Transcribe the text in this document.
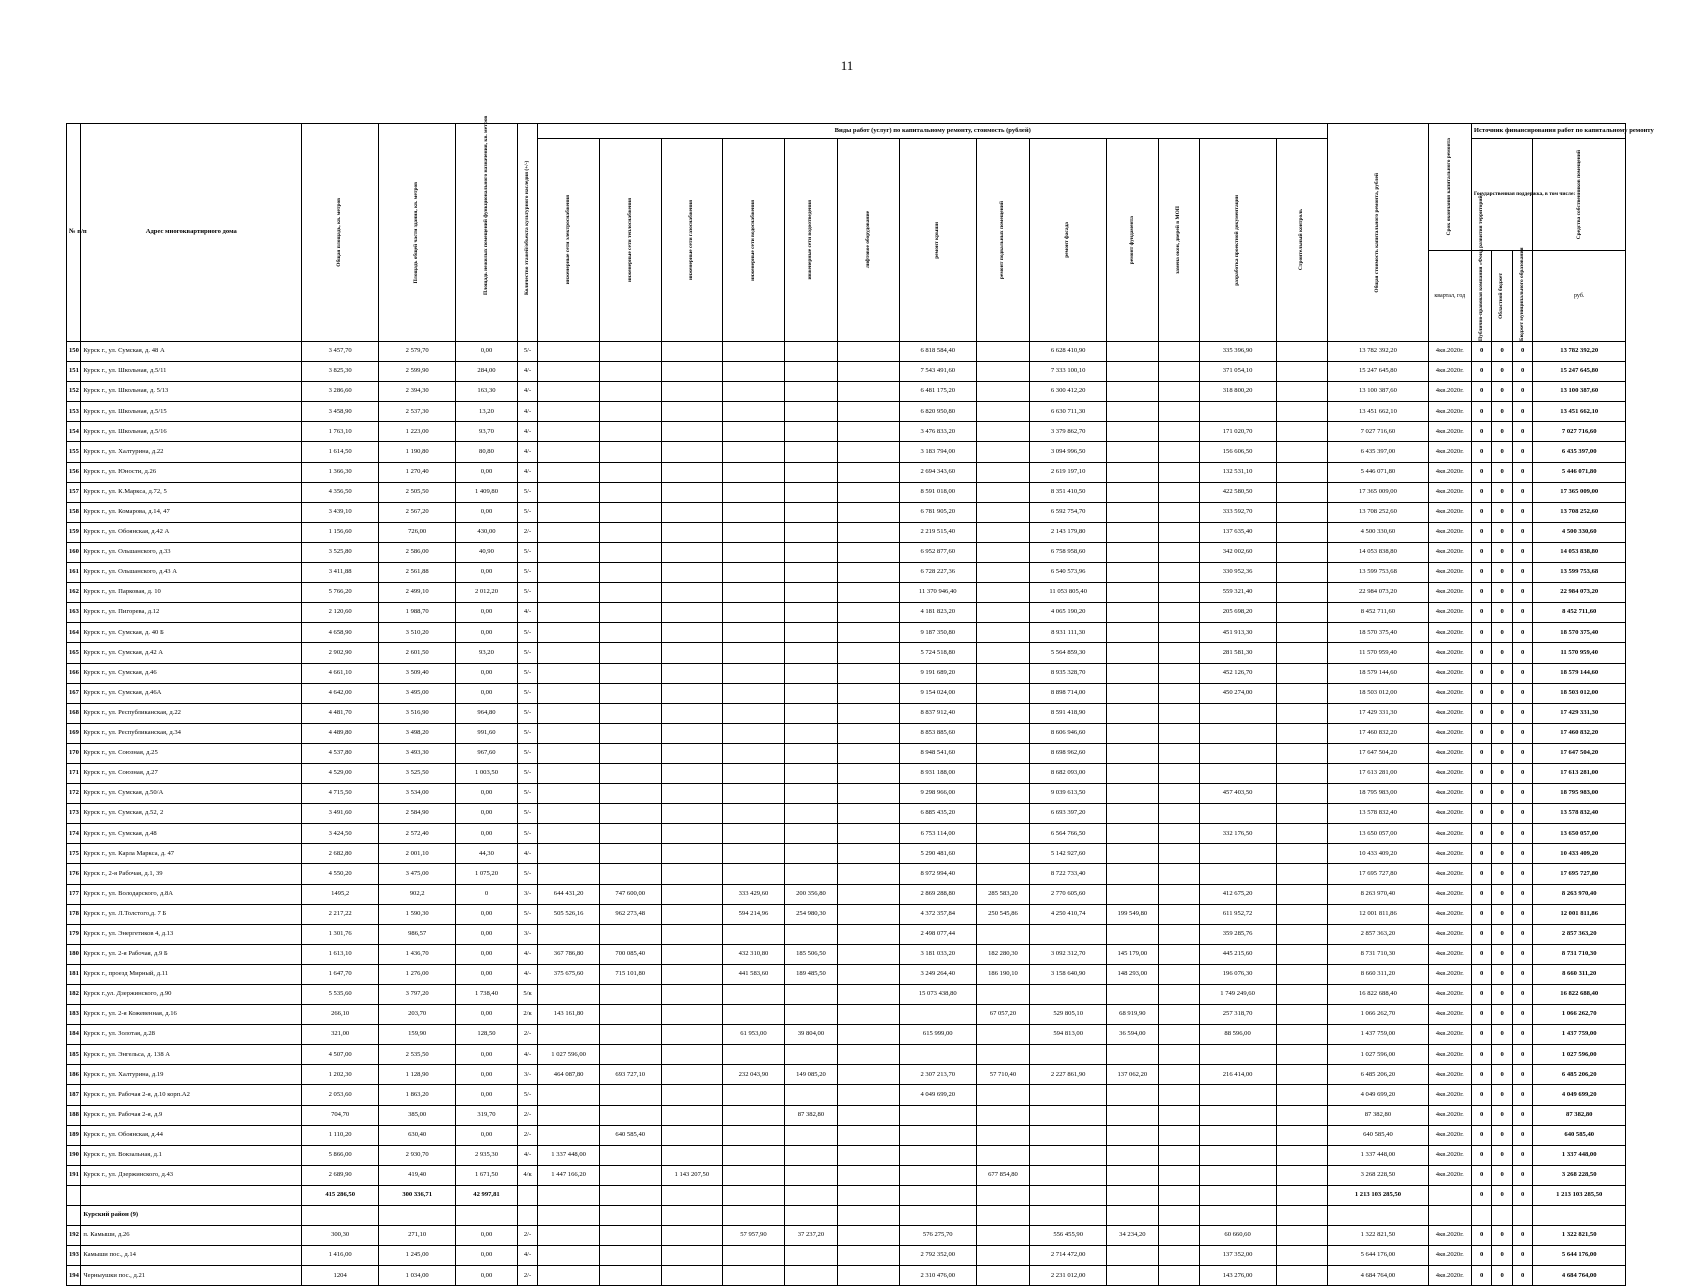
11
№ п/п	Адрес многоквартирного дома	Общая площадь, кв. метров	Площадь общей части здания, кв. метров	Площадь нежилых помещений функционального назначения, кв. метров	Количество этажей/объекта культурного наследия (+/-)	Виды работ (услуг) по капитальному ремонту, стоимость (рублей)													Общая стоимость капитального ремонта, рублей	Срок окончания капитального ремонта	Источник финансирования работ по капитальному ремонту			

						инженерные сети электроснабжения	инженерные сети теплоснабжения	инженерные сети газоснабжения	инженерные сети водоснабжения	инженерные сети водоотведения	лифтовое оборудование	ремонт крыши	ремонт подвальных помещений	ремонт фасада	ремонт фундамента	замена окон, дверей в МОП	разработка проектной документации	Строительный контроль			Государственная поддержка, в том числе:			Средства собственников помещений

																				квартал, год	Публично-правовая компания «Фонд развития территорий»	Областной бюджет	Бюджет муниципального образования	руб.
150	Курск г., ул. Сумская, д. 48 А	3 457,70	2 579,70	0,00	5/-							6 818 584,40		6 628 410,90			335 396,90		13 782 392,20	4кв.2020г.	0	0	0	13 782 392,20
151	Курск г., ул. Школьная, д.5/11	3 825,30	2 599,90	284,00	4/-							7 543 491,60		7 333 100,10			371 054,10		15 247 645,80	4кв.2020г.	0	0	0	15 247 645,80
152	Курск г., ул. Школьная, д. 5/13	3 286,60	2 394,30	163,30	4/-							6 481 175,20		6 300 412,20			318 800,20		13 100 387,60	4кв.2020г.	0	0	0	13 100 387,60
153	Курск г., ул. Школьная, д.5/15	3 458,90	2 537,30	13,20	4/-							6 820 950,80		6 630 711,30					13 451 662,10	4кв.2020г.	0	0	0	13 451 662,10
154	Курск г., ул. Школьная, д.5/16	1 763,10	1 223,00	93,70	4/-							3 476 833,20		3 379 862,70			171 020,70		7 027 716,60	4кв.2020г.	0	0	0	7 027 716,60
155	Курск г., ул. Халтурина, д.22	1 614,50	1 190,80	80,80	4/-							3 183 794,00		3 094 996,50			156 606,50		6 435 397,00	4кв.2020г.	0	0	0	6 435 397,00
156	Курск г., ул. Юности, д.26	1 366,30	1 270,40	0,00	4/-							2 694 343,60		2 619 197,10			132 531,10		5 446 071,80	4кв.2020г.	0	0	0	5 446 071,80
157	Курск г., ул. К.Маркса, д.72, 5	4 356,50	2 505,50	1 409,80	5/-							8 591 018,00		8 351 410,50			422 580,50		17 365 009,00	4кв.2020г.	0	0	0	17 365 009,00
158	Курск г., ул. Комарова, д.14, 47	3 439,10	2 567,20	0,00	5/-							6 781 905,20		6 592 754,70			333 592,70		13 708 252,60	4кв.2020г.	0	0	0	13 708 252,60
159	Курск г., ул. Обоянская, д.42 А	1 156,60	726,00	430,00	2/-							2 219 515,40		2 143 179,80			137 635,40		4 500 330,60	4кв.2020г.	0	0	0	4 500 330,60
160	Курск г., ул. Ольшанского, д.33	3 525,80	2 586,00	40,90	5/-							6 952 877,60		6 758 958,60			342 002,60		14 053 838,80	4кв.2020г.	0	0	0	14 053 838,80
161	Курск г., ул. Ольшанского, д.43 А	3 411,88	2 561,88	0,00	5/-							6 728 227,36		6 540 573,96			330 952,36		13 599 753,68	4кв.2020г.	0	0	0	13 599 753,68
162	Курск г., ул. Парковая, д. 10	5 766,20	2 499,10	2 012,20	5/-							11 370 946,40		11 053 805,40			559 321,40		22 984 073,20	4кв.2020г.	0	0	0	22 984 073,20
163	Курск г., ул. Пигорева, д.12	2 120,60	1 988,70	0,00	4/-							4 181 823,20		4 065 190,20			205 698,20		8 452 711,60	4кв.2020г.	0	0	0	8 452 711,60
164	Курск г., ул. Сумская, д. 40 Б	4 658,90	3 510,20	0,00	5/-							9 187 350,80		8 931 111,30			451 913,30		18 570 375,40	4кв.2020г.	0	0	0	18 570 375,40
165	Курск г., ул. Сумская, д.42 А	2 902,90	2 601,50	93,20	5/-							5 724 518,80		5 564 859,30			281 581,30		11 570 959,40	4кв.2020г.	0	0	0	11 570 959,40
166	Курск г., ул. Сумская, д.46	4 661,10	3 509,40	0,00	5/-							9 191 689,20		8 935 328,70			452 126,70		18 579 144,60	4кв.2020г.	0	0	0	18 579 144,60
167	Курск г., ул. Сумская, д.46А	4 642,00	3 495,00	0,00	5/-							9 154 024,00		8 898 714,00			450 274,00		18 503 012,00	4кв.2020г.	0	0	0	18 503 012,00
168	Курск г., ул. Республиканская, д.22	4 481,70	3 516,90	964,80	5/-							8 837 912,40		8 591 418,90					17 429 331,30	4кв.2020г.	0	0	0	17 429 331,30
169	Курск г., ул. Республиканская, д.34	4 489,80	3 498,20	991,60	5/-							8 853 885,60		8 606 946,60					17 460 832,20	4кв.2020г.	0	0	0	17 460 832,20
170	Курск г., ул. Союзная, д.25	4 537,80	3 493,30	967,60	5/-							8 948 541,60		8 698 962,60					17 647 504,20	4кв.2020г.	0	0	0	17 647 504,20
171	Курск г., ул. Союзная, д.27	4 529,00	3 525,50	1 003,50	5/-							8 931 188,00		8 682 093,00					17 613 281,00	4кв.2020г.	0	0	0	17 613 281,00
172	Курск г., ул. Сумская, д.50/А	4 715,50	3 534,00	0,00	5/-							9 298 966,00		9 039 613,50			457 403,50		18 795 983,00	4кв.2020г.	0	0	0	18 795 983,00
173	Курск г., ул. Сумская, д.52, 2	3 491,60	2 584,90	0,00	5/-							6 885 435,20		6 693 397,20					13 578 832,40	4кв.2020г.	0	0	0	13 578 832,40
174	Курск г., ул. Сумская, д.48	3 424,50	2 572,40	0,00	5/-							6 753 114,00		6 564 766,50			332 176,50		13 650 057,00	4кв.2020г.	0	0	0	13 650 057,00
175	Курск г., ул. Карла Маркса, д. 47	2 682,80	2 001,10	44,30	4/-							5 290 481,60		5 142 927,60					10 433 409,20	4кв.2020г.	0	0	0	10 433 409,20
176	Курск г., 2-я Рабочая, д.1, 39	4 550,20	3 475,00	1 075,20	5/-							8 972 994,40		8 722 733,40					17 695 727,80	4кв.2020г.	0	0	0	17 695 727,80
177	Курск г., ул. Володарского, д.8А	1495,2	902,2	0	3/-	644 431,20	747 600,00		333 429,60	200 356,80		2 869 288,80	285 583,20	2 770 605,60			412 675,20		8 263 970,40	4кв.2020г.	0	0	0	8 263 970,40
178	Курск г., ул. Л.Толстого,д. 7 Б	2 217,22	1 590,30	0,00	5/-	505 526,16	962 273,48		594 214,96	254 980,30		4 372 357,84	250 545,86	4 250 410,74	199 549,80		611 952,72		12 001 811,86	4кв.2020г.	0	0	0	12 001 811,86
179	Курск г., ул. Энергетиков 4, д.13	1 301,76	986,57	0,00	3/-							2 498 077,44					359 285,76		2 857 363,20	4кв.2020г.	0	0	0	2 857 363,20
180	Курск г., ул. 2-я Рабочая, д.9 Б	1 613,10	1 436,70	0,00	4/-	367 786,80	700 085,40		432 310,80	185 506,50		3 181 033,20	182 280,30	3 092 312,70	145 179,00		445 215,60		8 731 710,30	4кв.2020г.	0	0	0	8 731 710,30
181	Курск г., проезд Мирный, д.11	1 647,70	1 276,00	0,00	4/-	375 675,60	715 101,80		441 583,60	189 485,50		3 249 264,40	186 190,10	3 158 640,90	148 293,00		196 076,30		8 660 311,20	4кв.2020г.	0	0	0	8 660 311,20
182	Курск г.,ул. Дзержинского, д.90	5 535,60	3 797,20	1 738,40	5/к							15 073 438,80					1 749 249,60		16 822 688,40	4кв.2020г.	0	0	0	16 822 688,40
183	Курск г., ул. 2-я Кожевенная, д.16	266,10	203,70	0,00	2/к	143 161,80							67 057,20	529 805,10	68 919,90		257 318,70		1 066 262,70	4кв.2020г.	0	0	0	1 066 262,70
184	Курск г., ул. Золотая, д.28	321,00	159,90	128,50	2/-				61 953,00	39 804,00		615 999,00		594 813,00	36 594,00		88 596,00		1 437 759,00	4кв.2020г.	0	0	0	1 437 759,00
185	Курск г., ул. Энгельса, д. 138 А	4 507,00	2 535,50	0,00	4/-	1 027 596,00													1 027 596,00	4кв.2020г.	0	0	0	1 027 596,00
186	Курск г., ул. Халтурина, д.19	1 202,30	1 128,90	0,00	3/-	464 087,80	693 727,10		232 043,90	149 085,20		2 307 213,70	57 710,40	2 227 861,90	137 062,20		216 414,00		6 485 206,20	4кв.2020г.	0	0	0	6 485 206,20
187	Курск г., ул. Рабочая 2-я, д.10 корп.А2	2 053,60	1 863,20	0,00	5/-							4 049 699,20							4 049 699,20	4кв.2020г.	0	0	0	4 049 699,20
188	Курск г., ул. Рабочая 2-я, д.9	704,70	385,00	319,70	2/-					87 382,80									87 382,80	4кв.2020г.	0	0	0	87 382,80
189	Курск г., ул. Обоянская, д.44	1 110,20	630,40	0,00	2/-		640 585,40												640 585,40	4кв.2020г.	0	0	0	640 585,40
190	Курск г., ул. Вокзальная, д.1	5 866,00	2 930,70	2 935,30	4/-	1 337 448,00													1 337 448,00	4кв.2020г.	0	0	0	1 337 448,00
191	Курск г., ул. Дзержинского, д.43	2 689,90	419,40	1 671,50	4/к	1 447 166,20		1 143 207,50					677 854,80						3 268 228,50	4кв.2020г.	0	0	0	3 268 228,50
		415 286,50	300 336,71	42 997,81															1 213 103 285,50		0	0	0	1 213 103 285,50
	Курский район (9)																							
192	п. Камыши, д.26	300,30	271,10	0,00	2/-				57 957,90	37 237,20		576 275,70		556 455,90	34 234,20		60 660,60		1 322 821,50	4кв.2020г.	0	0	0	1 322 821,50
193	Камыши пос., д.14	1 416,00	1 245,00	0,00	4/-							2 792 352,00		2 714 472,00			137 352,00		5 644 176,00	4кв.2020г.	0	0	0	5 644 176,00
194	Черныушки пос., д.21	1204	1 034,00	0,00	2/-							2 310 476,00		2 231 012,00			143 276,00		4 684 764,00	4кв.2020г.	0	0	0	4 684 764,00
